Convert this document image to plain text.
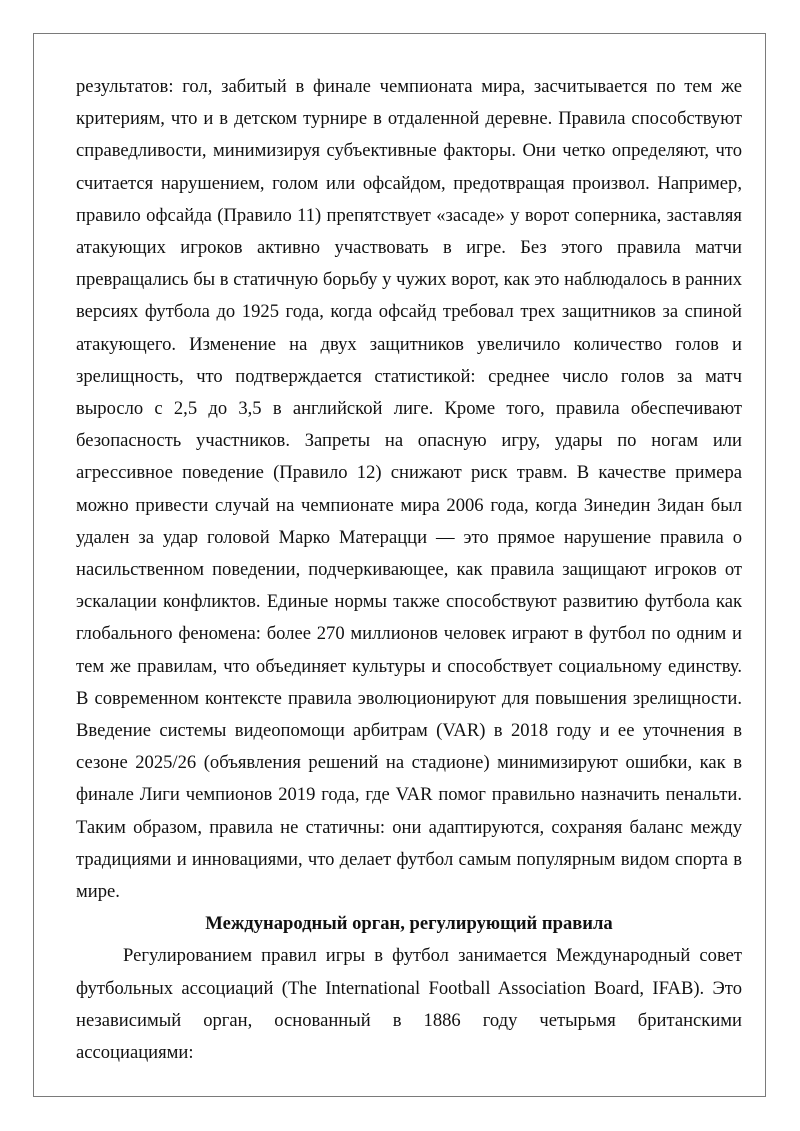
результатов: гол, забитый в финале чемпионата мира, засчитывается по тем же критериям, что и в детском турнире в отдаленной деревне. Правила способствуют справедливости, минимизируя субъективные факторы. Они четко определяют, что считается нарушением, голом или офсайдом, предотвращая произвол. Например, правило офсайда (Правило 11) препятствует «засаде» у ворот соперника, заставляя атакующих игроков активно участвовать в игре. Без этого правила матчи превращались бы в статичную борьбу у чужих ворот, как это наблюдалось в ранних версиях футбола до 1925 года, когда офсайд требовал трех защитников за спиной атакующего. Изменение на двух защитников увеличило количество голов и зрелищность, что подтверждается статистикой: среднее число голов за матч выросло с 2,5 до 3,5 в английской лиге. Кроме того, правила обеспечивают безопасность участников. Запреты на опасную игру, удары по ногам или агрессивное поведение (Правило 12) снижают риск травм. В качестве примера можно привести случай на чемпионате мира 2006 года, когда Зинедин Зидан был удален за удар головой Марко Матерацци — это прямое нарушение правила о насильственном поведении, подчеркивающее, как правила защищают игроков от эскалации конфликтов. Единые нормы также способствуют развитию футбола как глобального феномена: более 270 миллионов человек играют в футбол по одним и тем же правилам, что объединяет культуры и способствует социальному единству. В современном контексте правила эволюционируют для повышения зрелищности. Введение системы видеопомощи арбитрам (VAR) в 2018 году и ее уточнения в сезоне 2025/26 (объявления решений на стадионе) минимизируют ошибки, как в финале Лиги чемпионов 2019 года, где VAR помог правильно назначить пенальти. Таким образом, правила не статичны: они адаптируются, сохраняя баланс между традициями и инновациями, что делает футбол самым популярным видом спорта в мире.

Международный орган, регулирующий правила

Регулированием правил игры в футбол занимается Международный совет футбольных ассоциаций (The International Football Association Board, IFAB). Это независимый орган, основанный в 1886 году четырьмя британскими ассоциациями:
